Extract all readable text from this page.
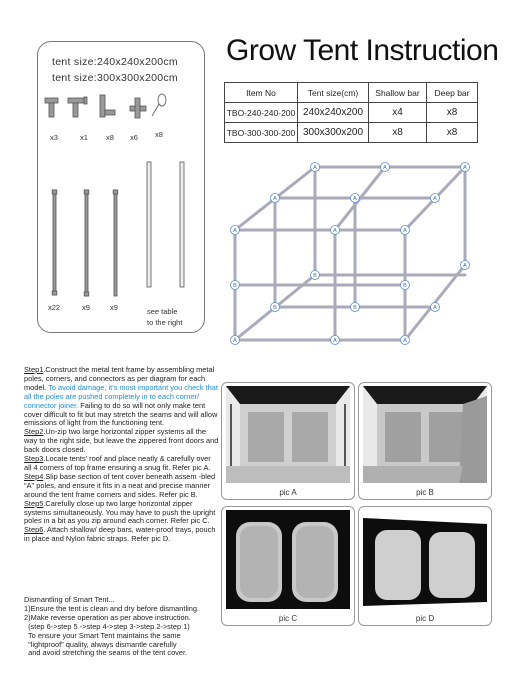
tent size:240x240x200cm
tent size:300x300x200cm
x3	x1 x8 x6 x8
x22	x9	x9	see table
to the right
Grow Tent Instruction
Item No	Tent size(cm)	Shallow bar	Deep bar
TBO-240-240-200	240x240x200	x4	x8
TBO-300-300-200	300x300x200	x8	x8
A	A	A
A	A	A
A	A	A
A
B
A	A	A
B	B	A
B	B

Step1.Construct the metal tent frame by assembling metal poles, corners, and connectors as per diagram for each model. To avoid damage, it's most important you check that all the poles are pushed completely in to each corner/ connector joiner. Failing to do so will not only make tent cover difficult to fit but may stretch the seams and will allow emissions of light from the functioning tent.

Step2.Un-zip two large horizontal zipper systems all the way to the right side, but leave the zippered front doors and back doors closed.

Step3.Locate tents' roof and place neatly & carefully over all 4 corners of top frame ensuring a snug fit. Refer pic A.

Step4.Slip base section of tent cover beneath assem -bled "A" poles, and ensure it fits in a neat and precise manner around the tent frame corners and sides. Refer pic B.

Step5.Carefully close up two large horizontal zipper systems simultaneously. You may have to push the upright poles in a bit as you zip around each corner. Refer pic C.

Step6. Attach shallow/ deep bars, water-proof trays, pouch in place and Nylon fabric straps. Refer pic D.

Dismantling of Smart Tent...

1)Ensure the tent is clean and dry before dismantling.

2)Make reverse operation as per above instruction.

(step 6->step 5 ->step 4->step 3->step 2->step 1)

To ensure your Smart Tent maintains the same

"lightproof" quality, always dismantle carefully

and avoid stretching the seams of the tent cover.

pic A	pic B
pic C	pic D
